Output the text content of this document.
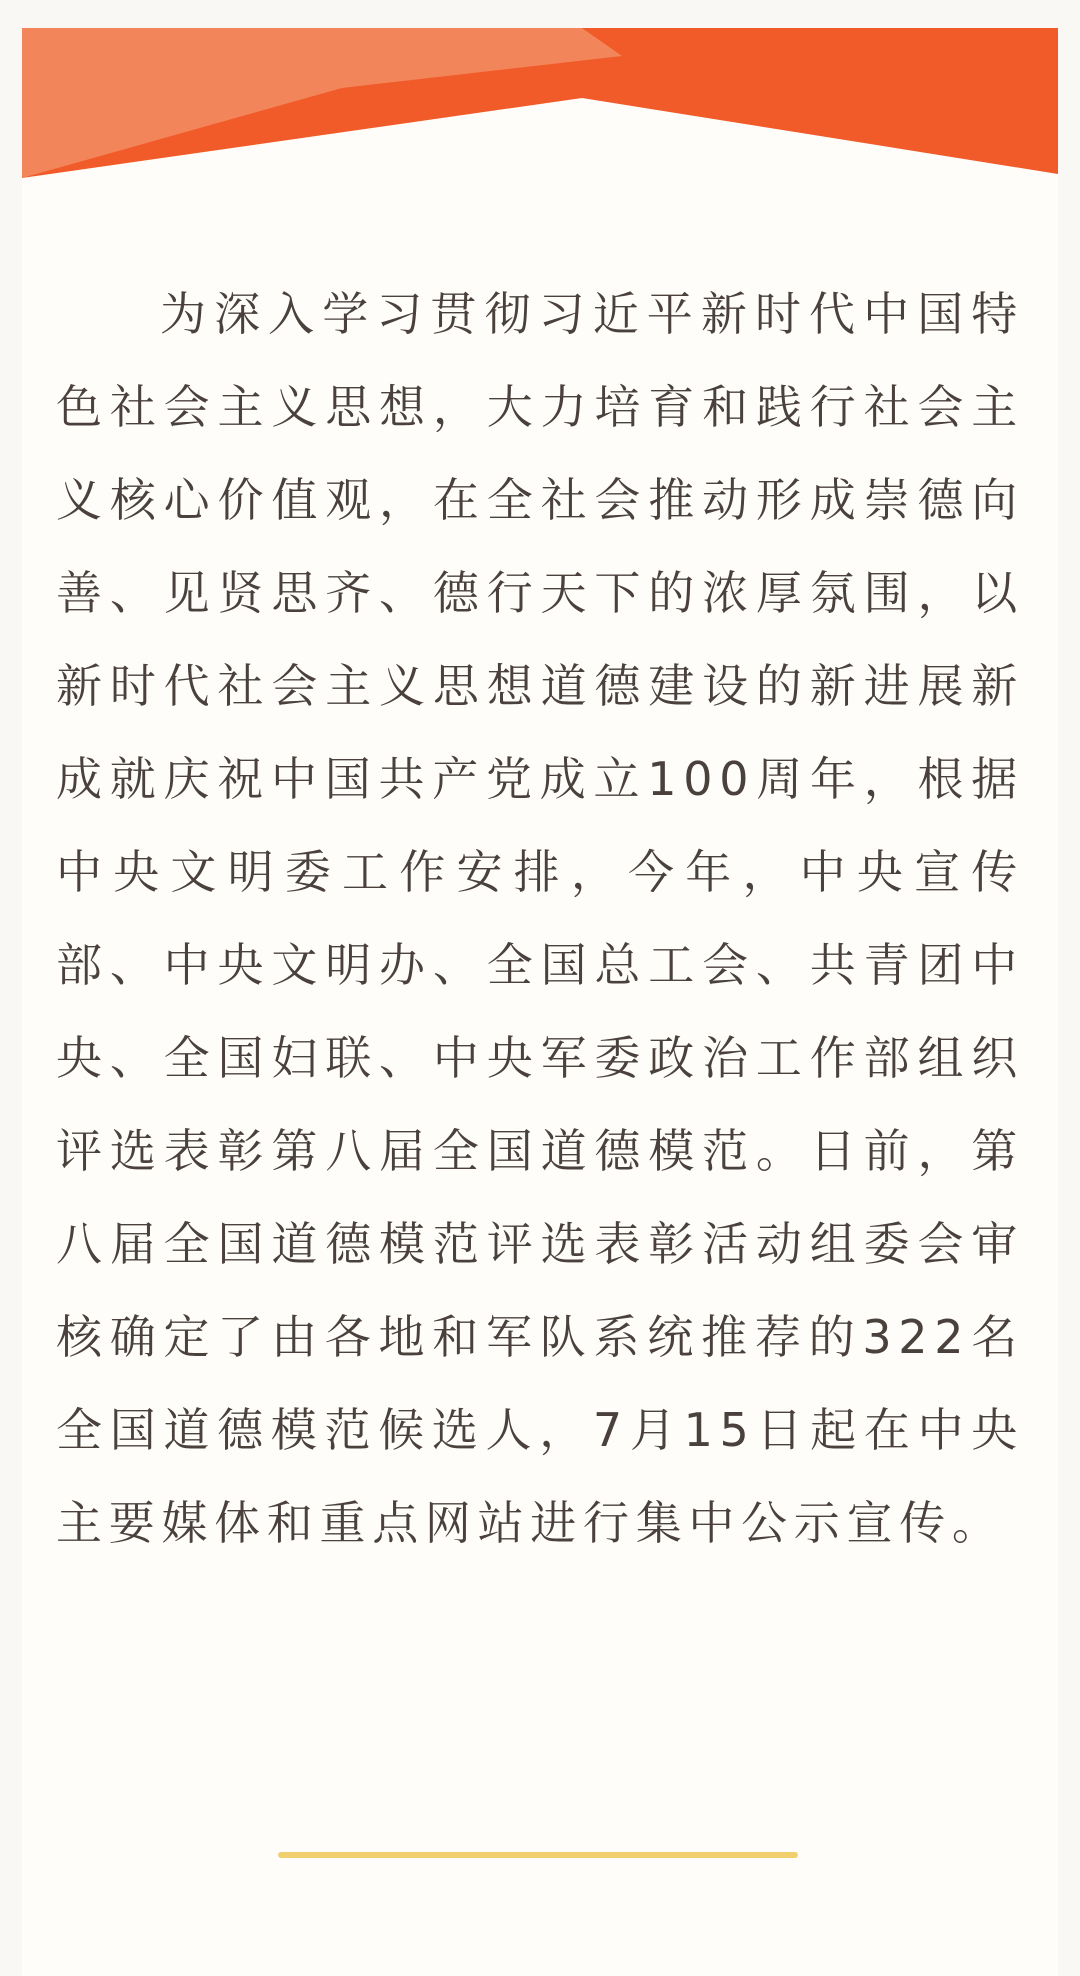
为深入学习贯彻习近平新时代中国特色社会主义思想，大力培育和践行社会主义核心价值观，在全社会推动形成崇德向善、见贤思齐、德行天下的浓厚氛围，以新时代社会主义思想道德建设的新进展新成就庆祝中国共产党成立100周年，根据中央文明委工作安排，今年，中央宣传部、中央文明办、全国总工会、共青团中央、全国妇联、中央军委政治工作部组织评选表彰第八届全国道德模范。日前，第八届全国道德模范评选表彰活动组委会审核确定了由各地和军队系统推荐的322名全国道德模范候选人，7月15日起在中央主要媒体和重点网站进行集中公示宣传。
